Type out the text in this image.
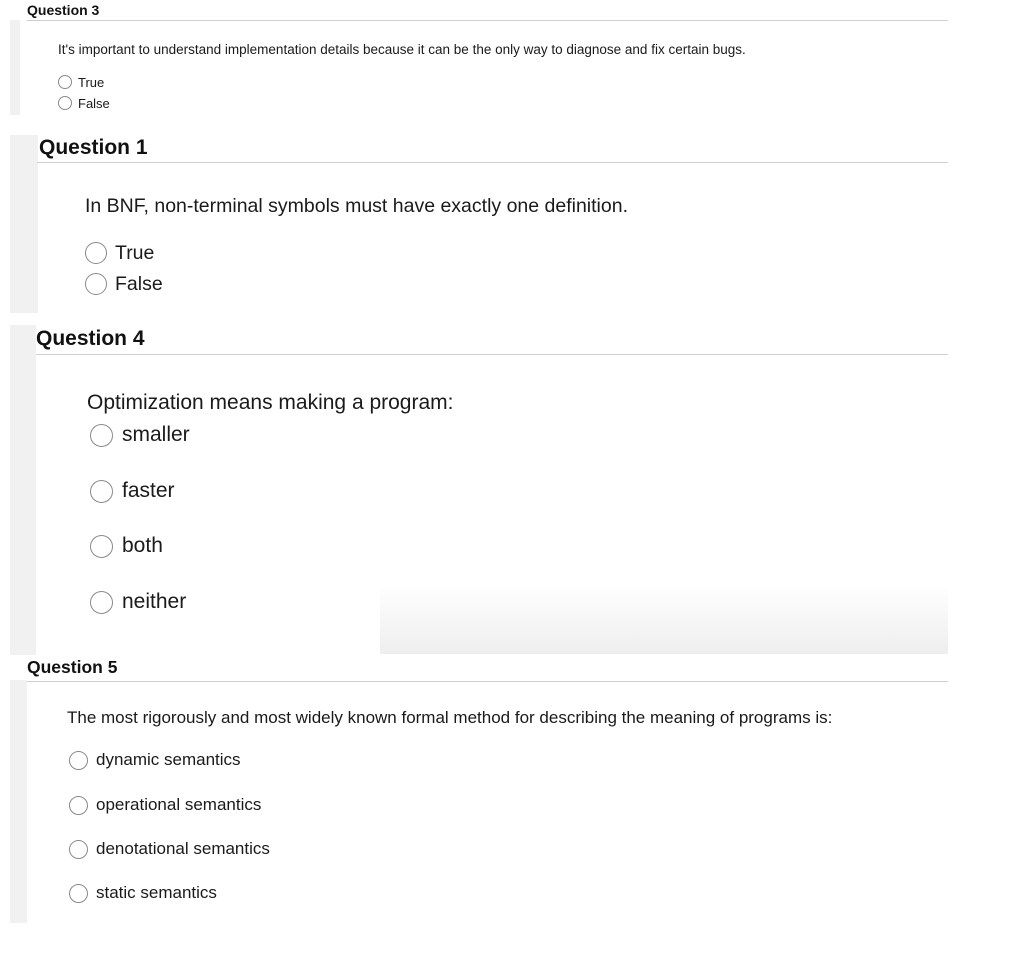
Question 3
It's important to understand implementation details because it can be the only way to diagnose and fix certain bugs.
True
False
Question 1
In BNF, non-terminal symbols must have exactly one definition.
True
False
Question 4
Optimization means making a program:
smaller
faster
both
neither
Question 5
The most rigorously and most widely known formal method for describing the meaning of programs is:
dynamic semantics
operational semantics
denotational semantics
static semantics
